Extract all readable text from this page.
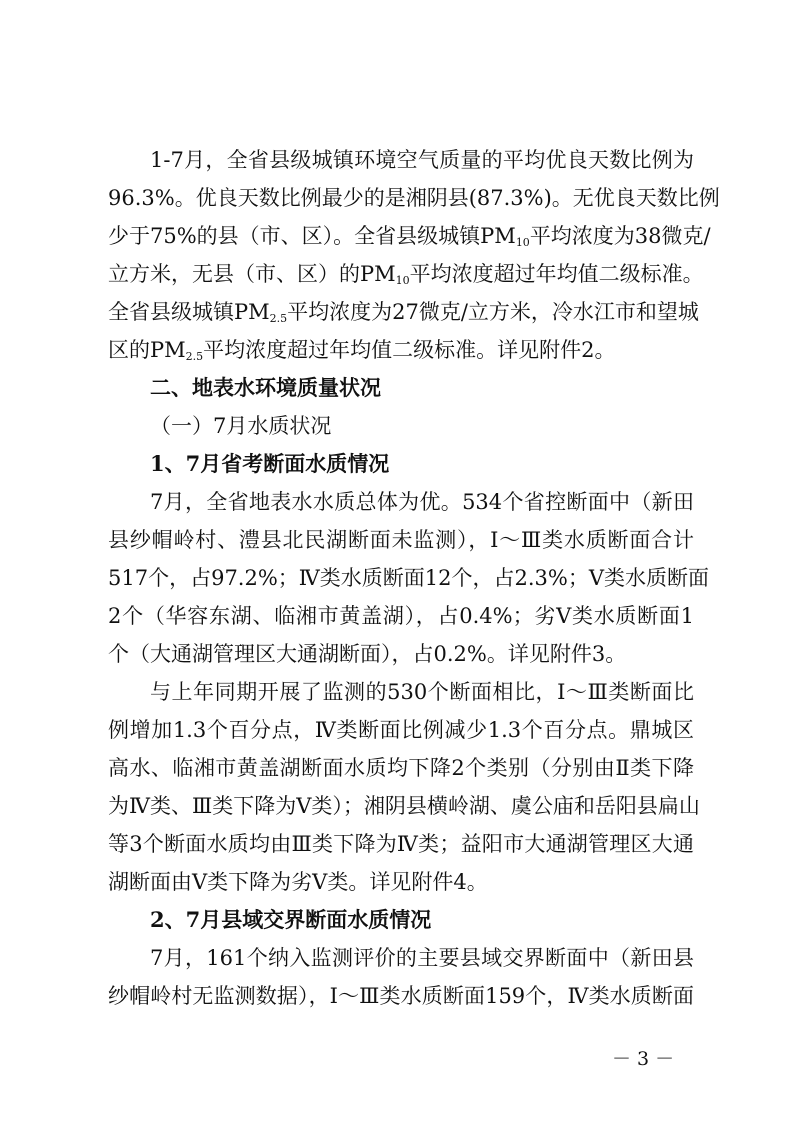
1-7月，全省县级城镇环境空气质量的平均优良天数比例为
96.3%。优良天数比例最少的是湘阴县(87.3%)。无优良天数比例
少于75%的县（市、区）。全省县级城镇$PM_{10}$平均浓度为38微克/
立方米，无县（市、区）的$PM_{10}$平均浓度超过年均值二级标准。
全省县级城镇$PM_{2.5}$平均浓度为27微克/立方米，冷水江市和望城
区的$PM_{2.5}$平均浓度超过年均值二级标准。详见附件2。
二、地表水环境质量状况
（一）7月水质状况
1、7月省考断面水质情况
7月，全省地表水水质总体为优。534个省控断面中（新田
县纱帽岭村、澧县北民湖断面未监测），Ⅰ～Ⅲ类水质断面合计
517个，占97.2%；Ⅳ类水质断面12个，占2.3%；Ⅴ类水质断面
2个（华容东湖、临湘市黄盖湖），占0.4%；劣Ⅴ类水质断面1
个（大通湖管理区大通湖断面），占0.2%。详见附件3。
与上年同期开展了监测的530个断面相比，Ⅰ～Ⅲ类断面比
例增加1.3个百分点，Ⅳ类断面比例减少1.3个百分点。鼎城区
高水、临湘市黄盖湖断面水质均下降2个类别（分别由Ⅱ类下降
为Ⅳ类、Ⅲ类下降为Ⅴ类）；湘阴县横岭湖、虞公庙和岳阳县扁山
等3个断面水质均由Ⅲ类下降为Ⅳ类；益阳市大通湖管理区大通
湖断面由Ⅴ类下降为劣Ⅴ类。详见附件4。
2、7月县域交界断面水质情况
7月，161个纳入监测评价的主要县域交界断面中（新田县
纱帽岭村无监测数据），Ⅰ～Ⅲ类水质断面159个，Ⅳ类水质断面
－ 3 －
